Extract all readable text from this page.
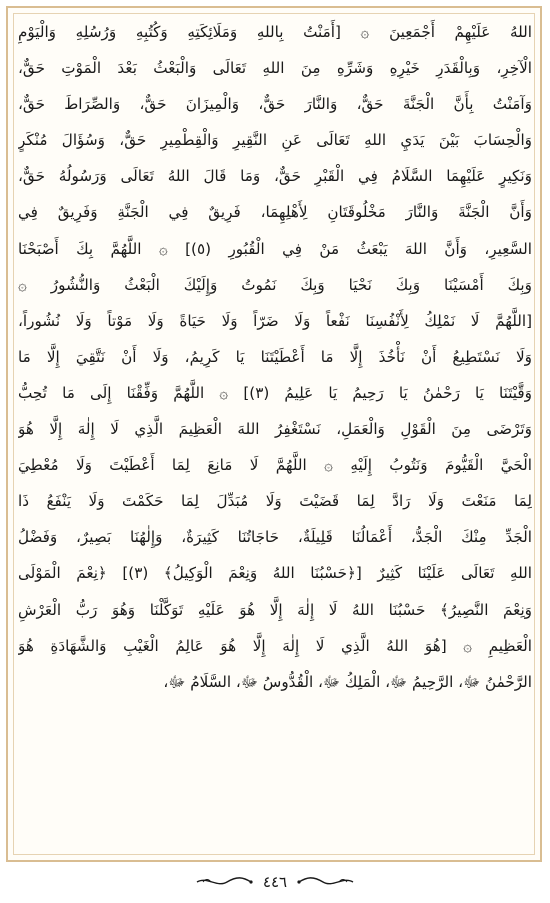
اللهُ عَلَيْهِمْ أَجْمَعِينَ ۞ [أَمَنْتُ بِاللهِ وَمَلَائِكَتِهِ وَكُتُبِهِ وَرُسُلِهِ وَالْيَوْمِ
الْآخِرِ، وَبِالْقَدَرِ خَيْرِهِ وَشَرِّهِ مِنَ اللهِ تَعَالَى وَالْبَعْثُ بَعْدَ الْمَوْتِ حَقٌّ،
وَآمَنْتُ بِأَنَّ الْجَنَّةَ حَقٌّ، وَالنَّارَ حَقٌّ، وَالْمِيزَانَ حَقٌّ، وَالصِّرَاطَ حَقٌّ،
وَالْحِسَابَ بَيْنَ يَدَيِ اللهِ تَعَالَى عَنِ النَّقِيرِ وَالْقِطْمِيرِ حَقٌّ، وَسُؤَالَ مُنْكَرٍ
وَنَكِيرٍ عَلَيْهِمَا السَّلَامُ فِي الْقَبْرِ حَقٌّ، وَمَا قَالَ اللهُ تَعَالَى وَرَسُولُهُ حَقٌّ،
وَأَنَّ الْجَنَّةَ وَالنَّارَ مَخْلُوقَتَانِ لِأَهْلِهِمَا، فَرِيقٌ فِي الْجَنَّةِ وَفَرِيقٌ فِي
السَّعِيرِ، وَأَنَّ اللهَ يَبْعَثُ مَنْ فِي الْقُبُورِ (٥)] ۞ اللَّهُمَّ بِكَ أَصْبَحْنَا
وَبِكَ أَمْسَيْنَا وَبِكَ نَحْيَا وَبِكَ نَمُوتُ وَإِلَيْكَ الْبَعْثُ وَالنُّشُورُ ۞
[اللَّهُمَّ لَا نَمْلِكُ لِأَنْفُسِنَا نَفْعاً وَلَا ضَرّاً وَلَا حَيَاةً وَلَا مَوْتاً وَلَا نُشُوراً،
وَلَا نَسْتَطِيعُ أَنْ نَأْخُذَ إِلَّا مَا أَعْطَيْتَنَا يَا كَرِيمُ، وَلَا أَنْ نَتَّقِيَ إِلَّا مَا
وَقَّيْتَنَا يَا رَحْمٰنُ يَا رَحِيمُ يَا عَلِيمُ (٣)] ۞ اللَّهُمَّ وَفِّقْنَا إِلَى مَا تُحِبُّ
وَتَرْضَى مِنَ الْقَوْلِ وَالْعَمَلِ، نَسْتَغْفِرُ اللهَ الْعَظِيمَ الَّذِي لَا إِلٰهَ إِلَّا هُوَ
الْحَيَّ الْقَيُّومَ وَنَتُوبُ إِلَيْهِ ۞ اللَّهُمَّ لَا مَانِعَ لِمَا أَعْطَيْتَ وَلَا مُعْطِيَ
لِمَا مَنَعْتَ وَلَا رَادَّ لِمَا قَضَيْتَ وَلَا مُبَدِّلَ لِمَا حَكَمْتَ وَلَا يَنْفَعُ ذَا
الْجَدِّ مِنْكَ الْجَدُّ، أَعْمَالُنَا قَلِيلَةٌ، حَاجَاتُنَا كَثِيرَةٌ، وَإِلٰهُنَا بَصِيرٌ، وَفَضْلُ
اللهِ تَعَالَى عَلَيْنَا كَثِيرٌ [﴿حَسْبُنَا اللهُ وَنِعْمَ الْوَكِيلُ﴾ (٣)] ﴿نِعْمَ الْمَوْلَى
وَنِعْمَ النَّصِيرُ﴾ حَسْبُنَا اللهُ لَا إِلٰهَ إِلَّا هُوَ عَلَيْهِ تَوَكَّلْنَا وَهُوَ رَبُّ الْعَرْشِ
الْعَظِيمِ ۞ [هُوَ اللهُ الَّذِي لَا إِلٰهَ إِلَّا هُوَ عَالِمُ الْغَيْبِ وَالشَّهَادَةِ هُوَ
الرَّحْمٰنُ ﷻ، الرَّحِيمُ ﷻ، الْمَلِكُ ﷻ، الْقُدُّوسُ ﷻ، السَّلَامُ ﷻ،
٤٤٦
